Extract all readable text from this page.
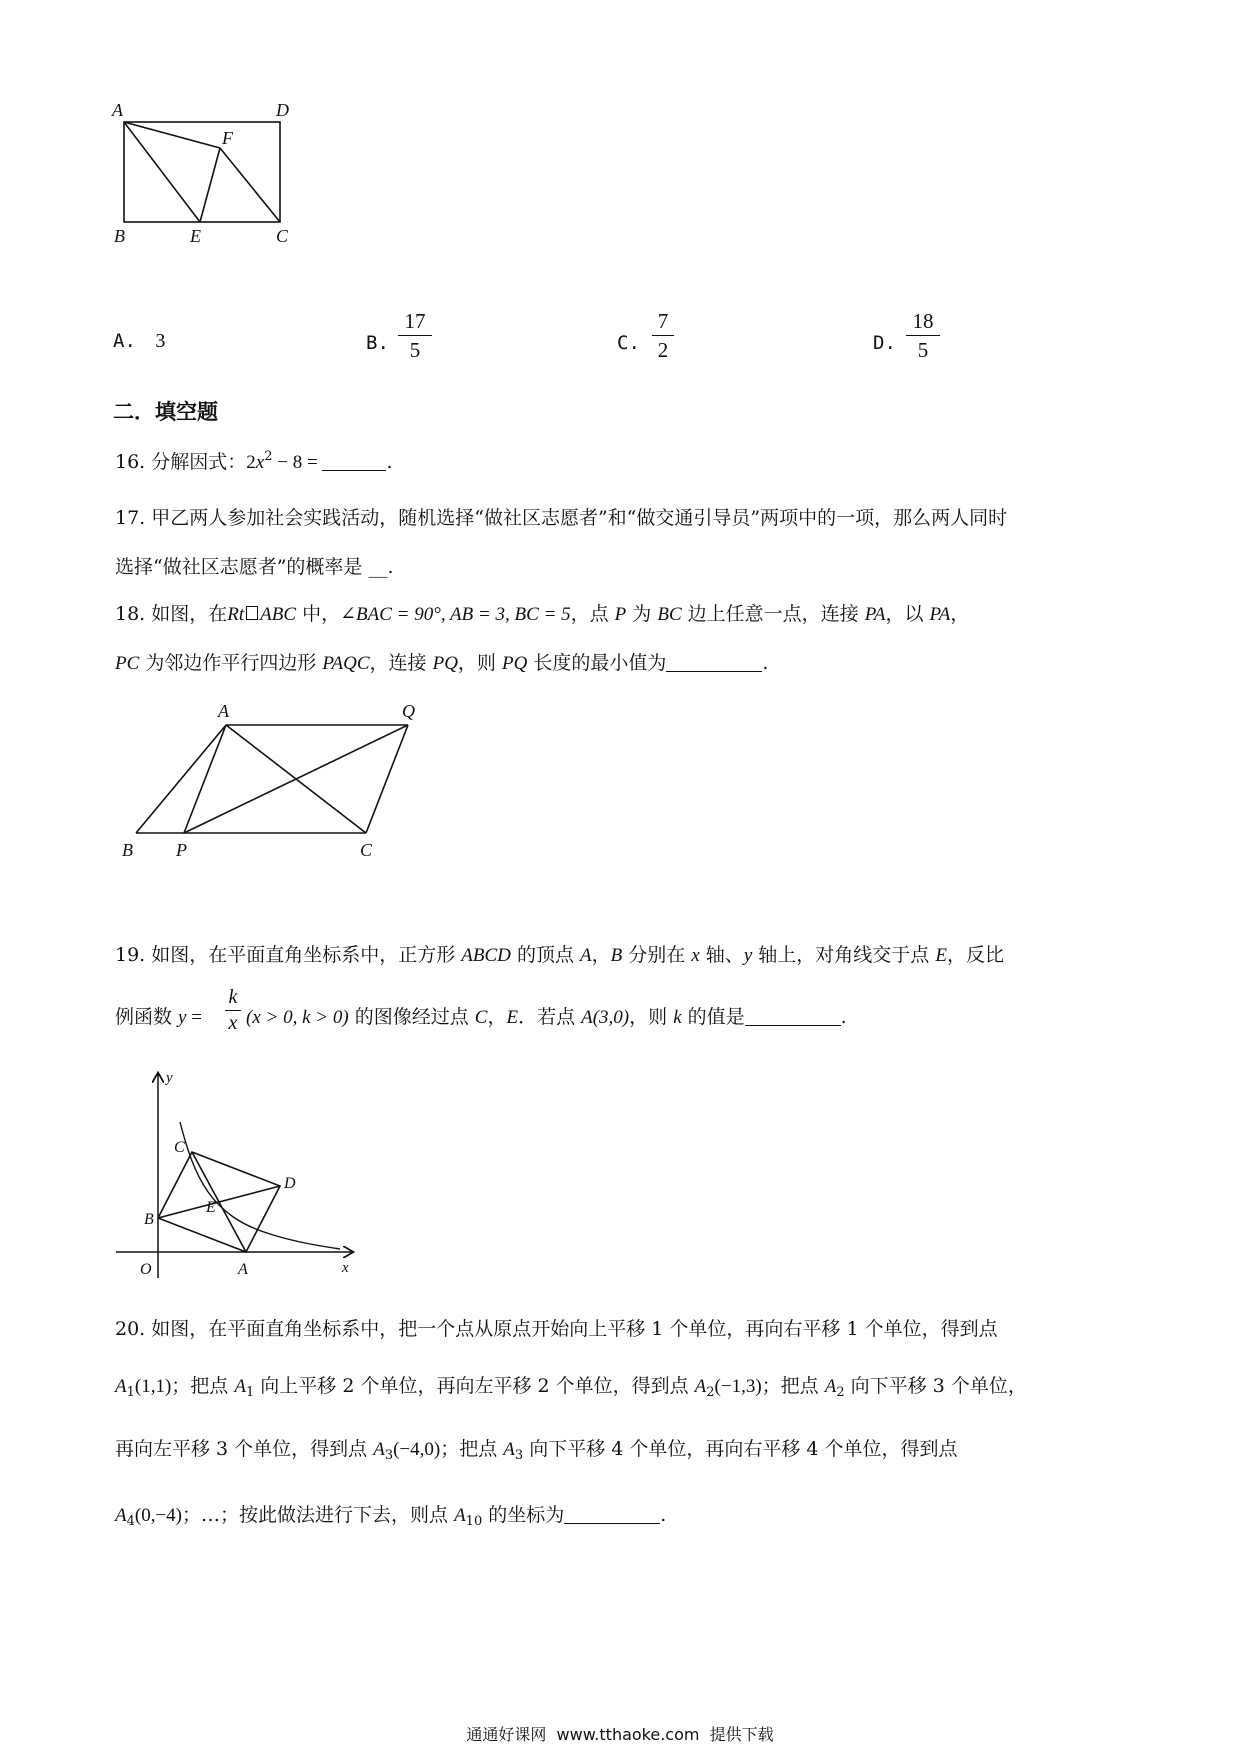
A	D
F
B	E	C
A. 3	B.
17
5	C.
7
2	D.
18
5
二．填空题
16. 分解因式：$2x^2 - 8$ =	.
17. 甲乙两人参加社会实践活动，随机选择“做社区志愿者”和“做交通引导员”两项中的一项，那么两人同时
选择“做社区志愿者”的概率是 __.
18. 如图，在Rt ABC 中，∠BAC = 90°, AB = 3, BC = 5，点 P 为 BC 边上任意一点，连接 PA，以 PA，
PC 为邻边作平行四边形 PAQC，连接 PQ，则 PQ 长度的最小值为	.
A	Q
B P	C
19. 如图，在平面直角坐标系中，正方形 ABCD 的顶点 A，B 分别在 x 轴、y 轴上，对角线交于点 E，反比
例函数 y =
k
x (x > 0, k > 0) 的图像经过点 C，E．若点 A(3,0)，则 k 的值是	.
y
C
D
E
B
O	A	x
20. 如图，在平面直角坐标系中，把一个点从原点开始向上平移 1 个单位，再向右平移 1 个单位，得到点
$A_1(1,1)$；把点 $A_1$ 向上平移 2 个单位，再向左平移 2 个单位，得到点 $A_2(-1,3)$；把点 $A_2$ 向下平移 3 个单位，
再向左平移 3 个单位，得到点 $A_3(-4,0)$；把点 $A_3$ 向下平移 4 个单位，再向右平移 4 个单位，得到点
$A_4(0,-4)$；…；按此做法进行下去，则点 $A_{10}$ 的坐标为	.
通通好课网  www.tthaoke.com  提供下载
